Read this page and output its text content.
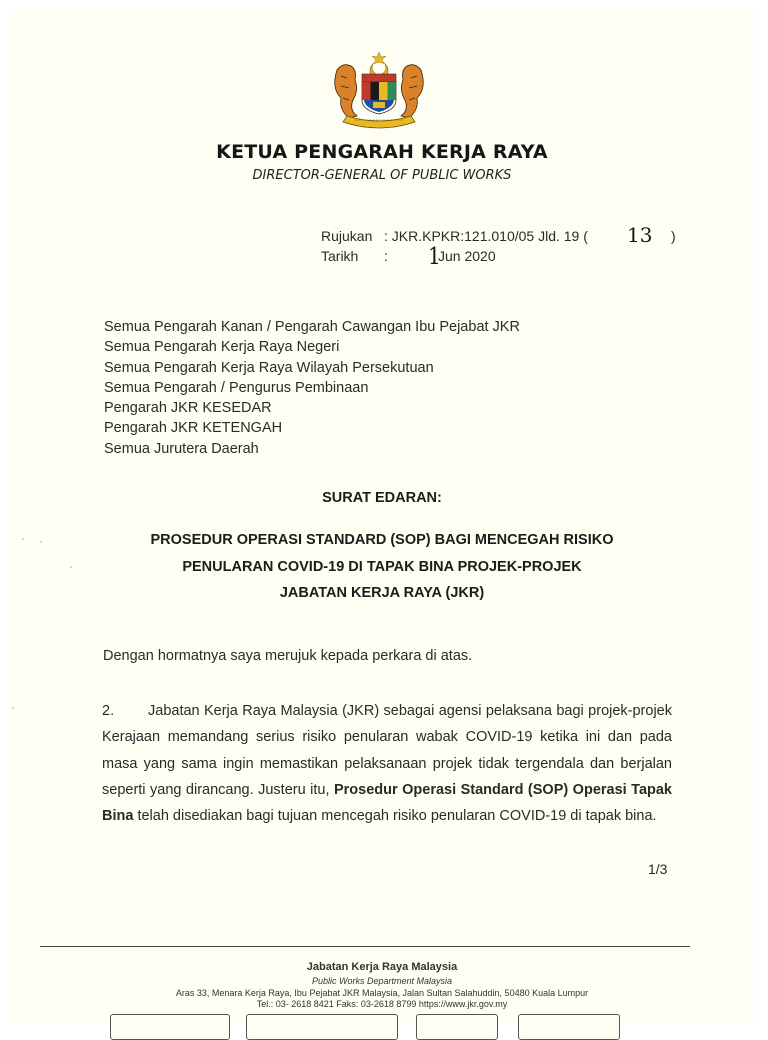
KETUA PENGARAH KERJA RAYA
DIRECTOR-GENERAL OF PUBLIC WORKS
Rujukan : JKR.KPKR:121.010/05 Jld. 19 ( 13 )
Tarikh : 1
Jun 2020
Semua Pengarah Kanan / Pengarah Cawangan Ibu Pejabat JKR
Semua Pengarah Kerja Raya Negeri
Semua Pengarah Kerja Raya Wilayah Persekutuan
Semua Pengarah / Pengurus Pembinaan
Pengarah JKR KESEDAR
Pengarah JKR KETENGAH
Semua Jurutera Daerah
SURAT EDARAN:
PROSEDUR OPERASI STANDARD (SOP) BAGI MENCEGAH RISIKO
PENULARAN COVID-19 DI TAPAK BINA PROJEK-PROJEK
JABATAN KERJA RAYA (JKR)
Dengan hormatnya saya merujuk kepada perkara di atas.
2. Jabatan Kerja Raya Malaysia (JKR) sebagai agensi pelaksana bagi projek-projek Kerajaan memandang serius risiko penularan wabak COVID-19 ketika ini dan pada masa yang sama ingin memastikan pelaksanaan projek tidak tergendala dan berjalan seperti yang dirancang. Justeru itu, Prosedur Operasi Standard (SOP) Operasi Tapak Bina telah disediakan bagi tujuan mencegah risiko penularan COVID-19 di tapak bina.
1/3
Jabatan Kerja Raya Malaysia
Public Works Department Malaysia
Aras 33, Menara Kerja Raya, Ibu Pejabat JKR Malaysia, Jalan Sultan Salahuddin, 50480 Kuala Lumpur
Tel.: 03- 2618 8421 Faks: 03-2618 8799 https://www.jkr.gov.my
